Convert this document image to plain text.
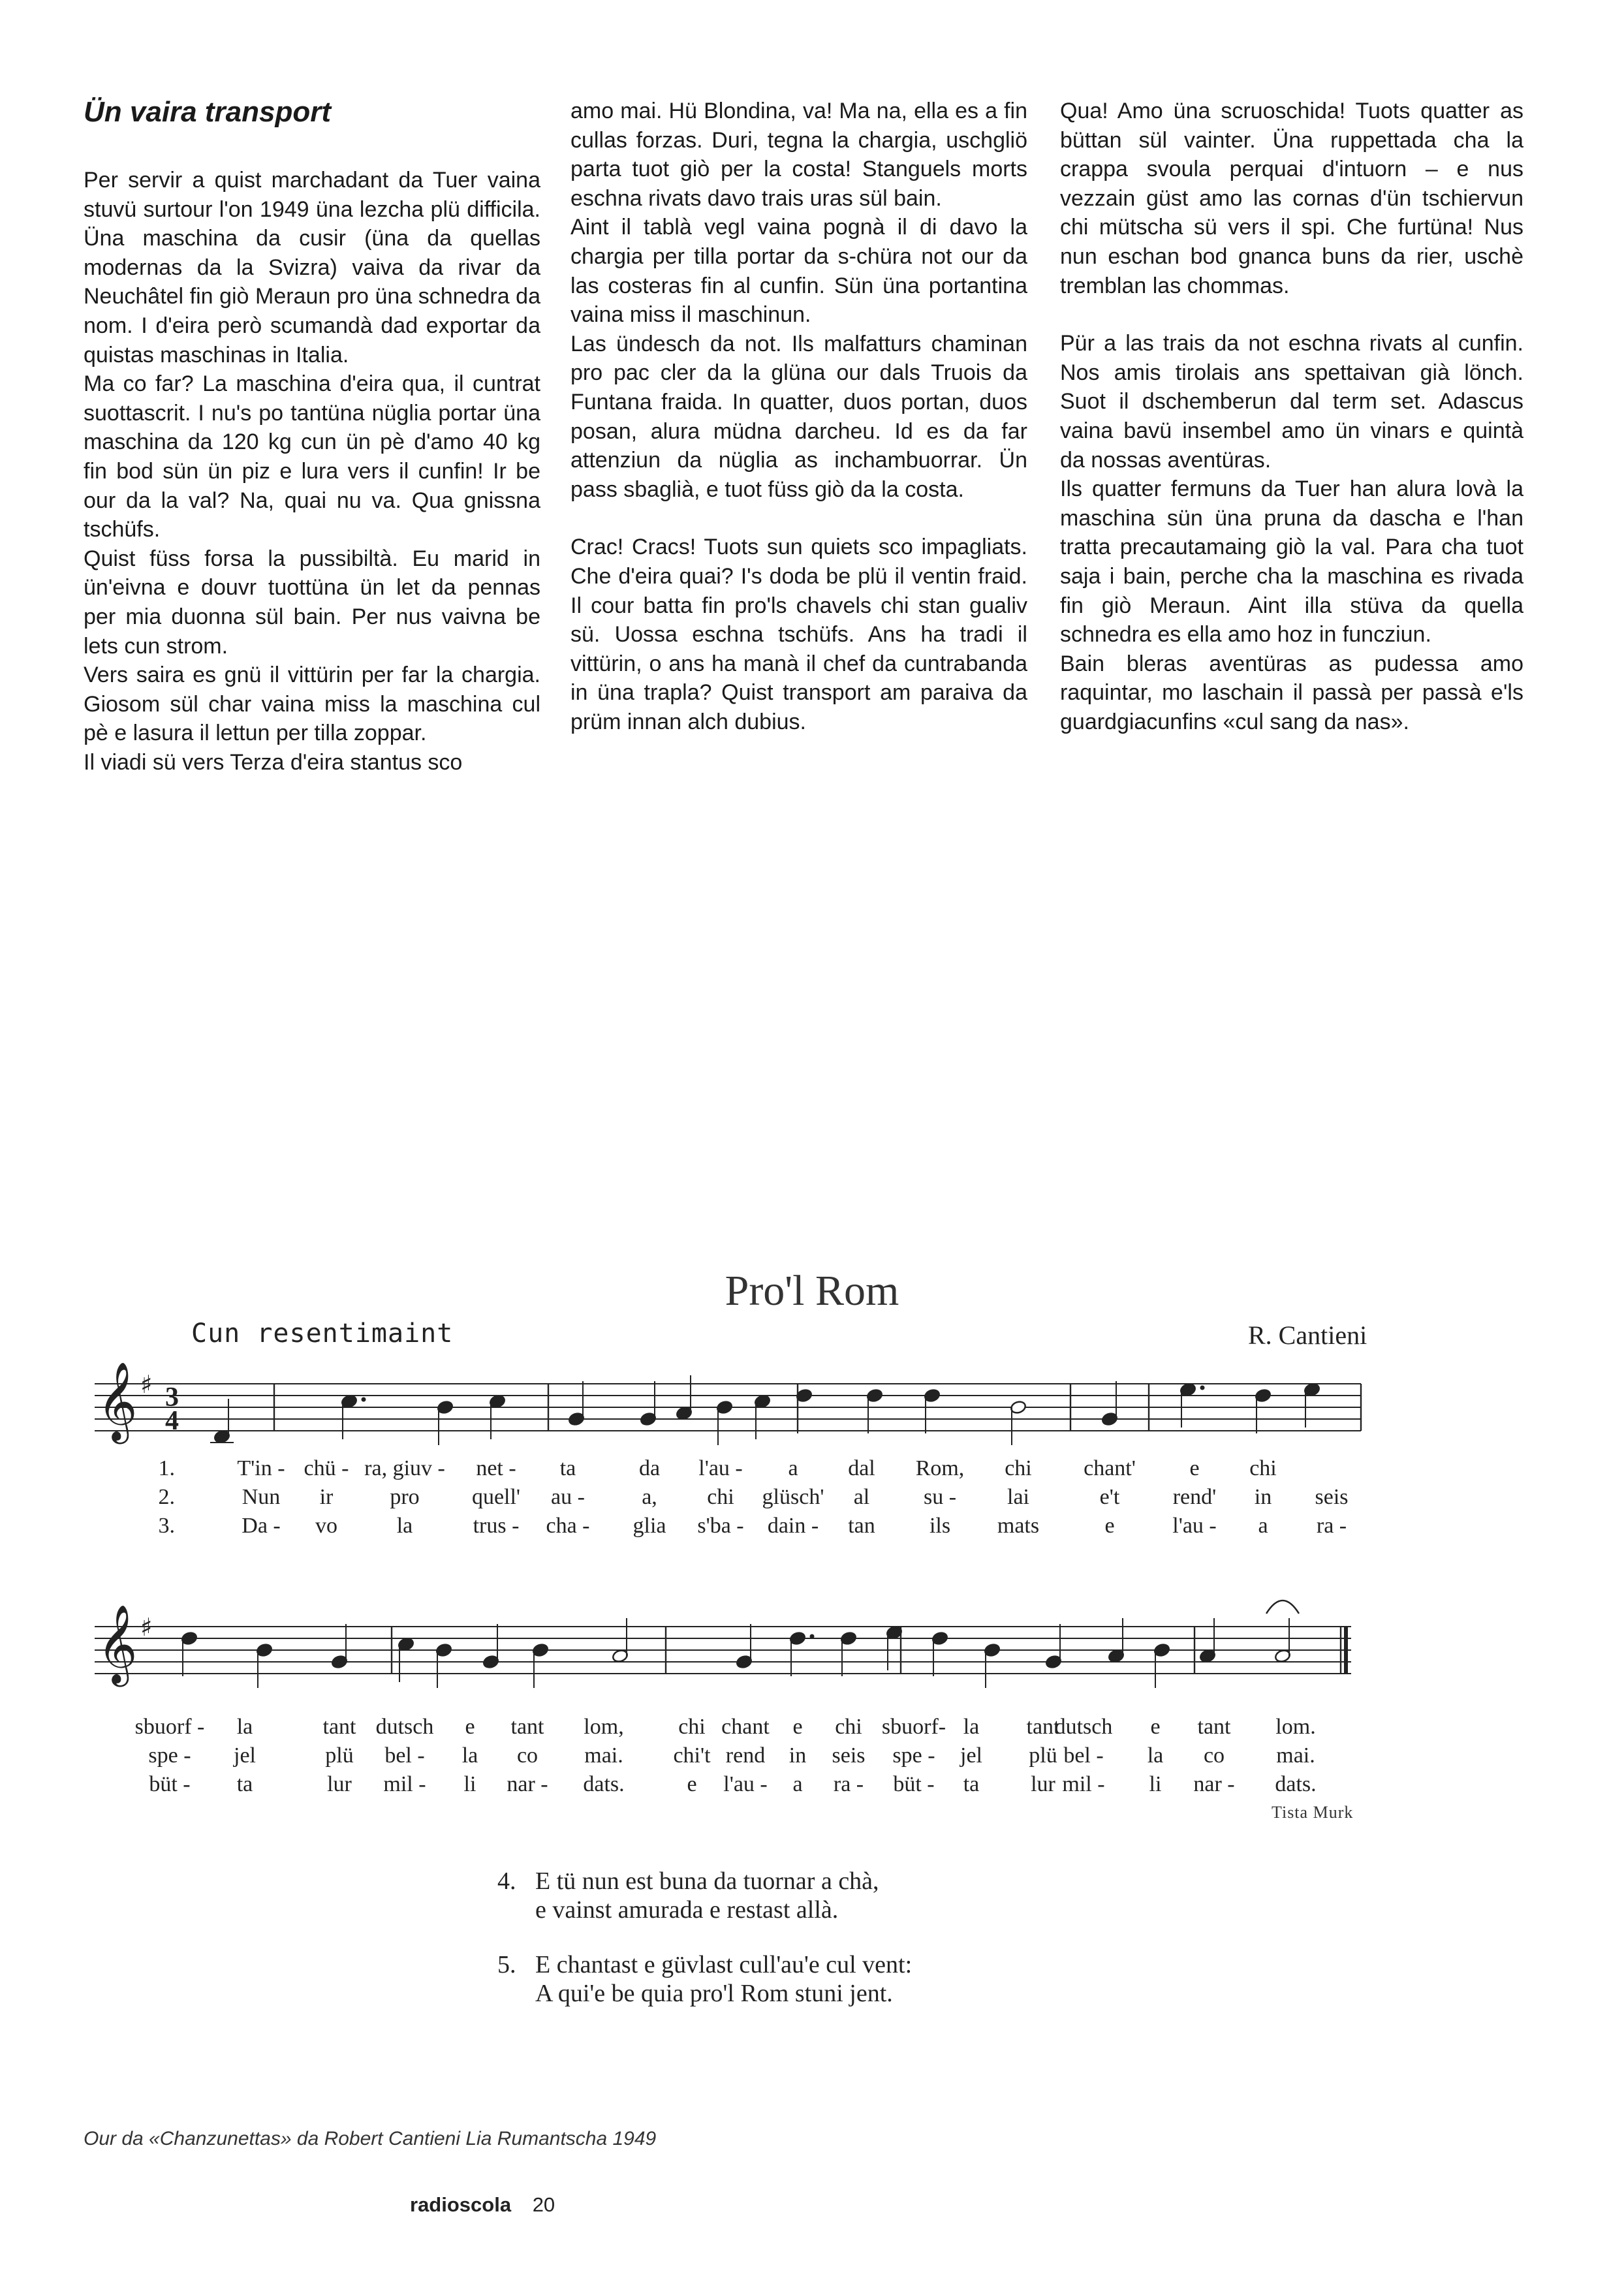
Ün vaira transport

Per servir a quist marchadant da Tuer vaina stuvü surtour l'on 1949 üna lezcha plü difficila. Üna maschina da cusir (üna da quellas modernas da la Svizra) vaiva da rivar da Neuchâtel fin giò Meraun pro üna schnedra da nom. I d'eira però scumandà dad exportar da quistas maschinas in Italia.

Ma co far? La maschina d'eira qua, il cuntrat suottascrit. I nu's po tantüna nüglia portar üna maschina da 120 kg cun ün pè d'amo 40 kg fin bod sün ün piz e lura vers il cunfin! Ir be our da la val? Na, quai nu va. Qua gnissna tschüfs.

Quist füss forsa la pussibiltà. Eu marid in ün'eivna e douvr tuottüna ün let da pennas per mia duonna sül bain. Per nus vaivna be lets cun strom.

Vers saira es gnü il vittürin per far la chargia. Giosom sül char vaina miss la maschina cul pè e lasura il lettun per tilla zoppar.

Il viadi sü vers Terza d'eira stantus sco

amo mai. Hü Blondina, va! Ma na, ella es a fin cullas forzas. Duri, tegna la chargia, uschgliö parta tuot giò per la costa! Stanguels morts eschna rivats davo trais uras sül bain.

Aint il tablà vegl vaina pognà il di davo la chargia per tilla portar da s-chüra not our da las costeras fin al cunfin. Sün üna portantina vaina miss il maschinun.

Las ündesch da not. Ils malfatturs chaminan pro pac cler da la glüna our dals Truois da Funtana fraida. In quatter, duos portan, duos posan, alura müdna darcheu. Id es da far attenziun da nüglia as inchambuorrar. Ün pass sbaglià, e tuot füss giò da la costa.

Crac! Cracs! Tuots sun quiets sco impagliats. Che d'eira quai? I's doda be plü il ventin fraid. Il cour batta fin pro'ls chavels chi stan gualiv sü. Uossa eschna tschüfs. Ans ha tradi il vittürin, o ans ha manà il chef da cuntrabanda in üna trapla? Quist transport am paraiva da prüm innan alch dubius.

Qua! Amo üna scruoschida! Tuots quatter as büttan sül vainter. Üna ruppettada cha la crappa svoula perquai d'intuorn – e nus vezzain güst amo las cornas d'ün tschiervun chi mütscha sü vers il spi. Che furtüna! Nus nun eschan bod gnanca buns da rier, uschè tremblan las chommas.

Pür a las trais da not eschna rivats al cunfin. Nos amis tirolais ans spettaivan già lönch. Suot il dschemberun dal term set. Adascus vaina bavü insembel amo ün vinars e quintà da nossas aventüras.

Ils quatter fermuns da Tuer han alura lovà la maschina sün üna pruna da dascha e l'han tratta precautamaing giò la val. Para cha tuot saja i bain, perche cha la maschina es rivada fin giò Meraun. Aint illa stüva da quella schnedra es ella amo hoz in funcziun.

Bain bleras aventüras as pudessa amo raquintar, mo laschain il passà per passà e'ls guardgiacunfins «cul sang da nas».

Pro'l Rom
Cun resentimaint	R. Cantieni
𝄞 ♯ 3
4
1.	T'in - chü - ra, giuv - net - ta	da l'au - a dal Rom, chi chant' e chi
2.	Nun ir	pro quell' au -	a, chi glüsch' al su - lai	e't rend' in seis
3.	Da - vo	la	trus - cha - glia s'ba - dain - tan ils mats	e	l'au - a ra -
𝄞 ♯
sbuorf - la	tant dutsch e tant lom, chi chant e chi sbuorf- la tant
dutsch e tant lom.
spe - jel	plü bel - la co mai. chi't rend in seis spe - jel plü bel - la co mai.
büt - ta	lur mil - li nar - dats.	e l'au - a ra - büt - ta lur mil - li nar - dats.
Tista Murk
4. E tü nun est buna da tuornar a chà,
e vainst amurada e restast allà.
5. E chantast e güvlast cull'au'e cul vent:
A qui'e be quia pro'l Rom stuni jent.
Our da «Chanzunettas» da Robert Cantieni Lia Rumantscha 1949
radioscola 20
